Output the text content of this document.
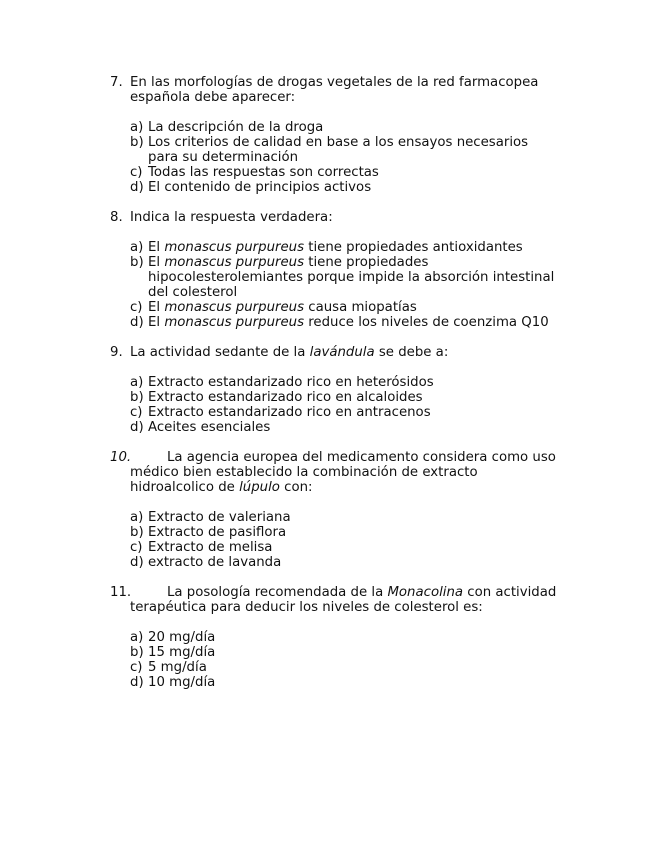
7. En las morfologías de drogas vegetales de la red farmacopea española debe aparecer:
a) La descripción de la droga
b) Los criterios de calidad en base a los ensayos necesarios para su determinación
c) Todas las respuestas son correctas
d) El contenido de principios activos
8. Indica la respuesta verdadera:
a) El monascus purpureus tiene propiedades antioxidantes
b) El monascus purpureus tiene propiedades hipocolesterolemiantes porque impide la absorción intestinal del colesterol
c) El monascus purpureus causa miopatías
d) El monascus purpureus reduce los niveles de coenzima Q10
9. La actividad sedante de la lavándula se debe a:
a) Extracto estandarizado rico en heterósidos
b) Extracto estandarizado rico en alcaloides
c) Extracto estandarizado rico en antracenos
d) Aceites esenciales
10.	La agencia europea del medicamento considera como uso médico bien establecido la combinación de extracto hidroalcolico de lúpulo con:
a) Extracto de valeriana
b) Extracto de pasiflora
c) Extracto de melisa
d) extracto de lavanda
11.	La posología recomendada de la Monacolina con actividad terapéutica para deducir los niveles de colesterol es:
a) 20 mg/día
b) 15 mg/día
c) 5 mg/día
d) 10 mg/día
